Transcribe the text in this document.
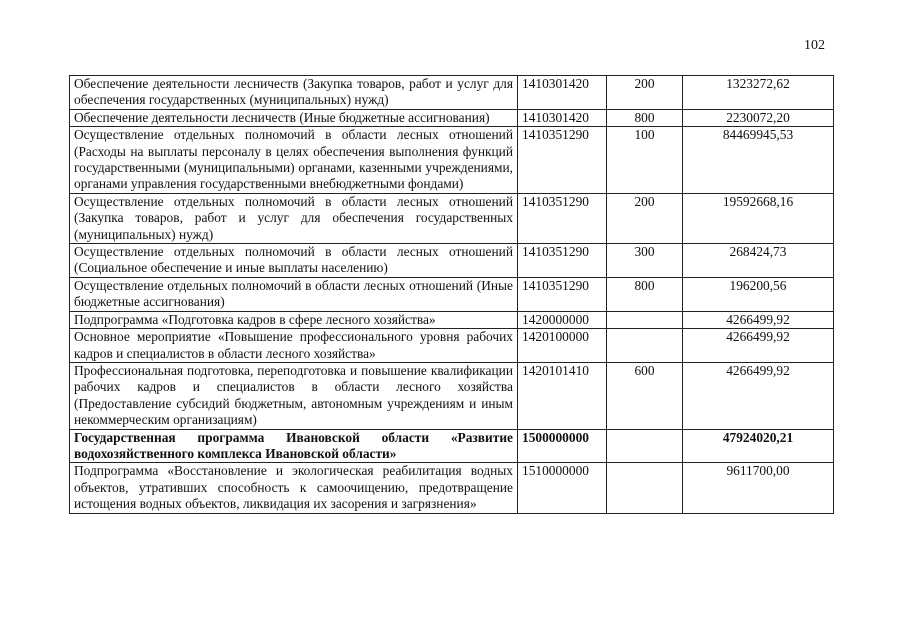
102
Обеспечение деятельности лесничеств (Закупка товаров, работ и услуг для обеспечения государственных (муниципальных) нужд)	1410301420	200	1323272,62
Обеспечение деятельности лесничеств (Иные бюджетные ассигнования)	1410301420	800	2230072,20
Осуществление отдельных полномочий в области лесных отношений (Расходы на выплаты персоналу в целях обеспечения выполнения функций государственными (муниципальными) органами, казенными учреждениями, органами управления государственными внебюджетными фондами)	1410351290	100	84469945,53
Осуществление отдельных полномочий в области лесных отношений (Закупка товаров, работ и услуг для обеспечения государственных (муниципальных) нужд)	1410351290	200	19592668,16
Осуществление отдельных полномочий в области лесных отношений (Социальное обеспечение и иные выплаты населению)	1410351290	300	268424,73
Осуществление отдельных полномочий в области лесных отношений (Иные бюджетные ассигнования)	1410351290	800	196200,56
Подпрограмма «Подготовка кадров в сфере лесного хозяйства»	1420000000		4266499,92
Основное мероприятие «Повышение профессионального уровня рабочих кадров и специалистов в области лесного хозяйства»	1420100000		4266499,92
Профессиональная подготовка, переподготовка и повышение квалификации рабочих кадров и специалистов в области лесного хозяйства (Предоставление субсидий бюджетным, автономным учреждениям и иным некоммерческим организациям)	1420101410	600	4266499,92
Государственная программа Ивановской области «Развитие водохозяйственного комплекса Ивановской области»	1500000000		47924020,21
Подпрограмма «Восстановление и экологическая реабилитация водных объектов, утративших способность к самоочищению, предотвращение истощения водных объектов, ликвидация их засорения и загрязнения»	1510000000		9611700,00
